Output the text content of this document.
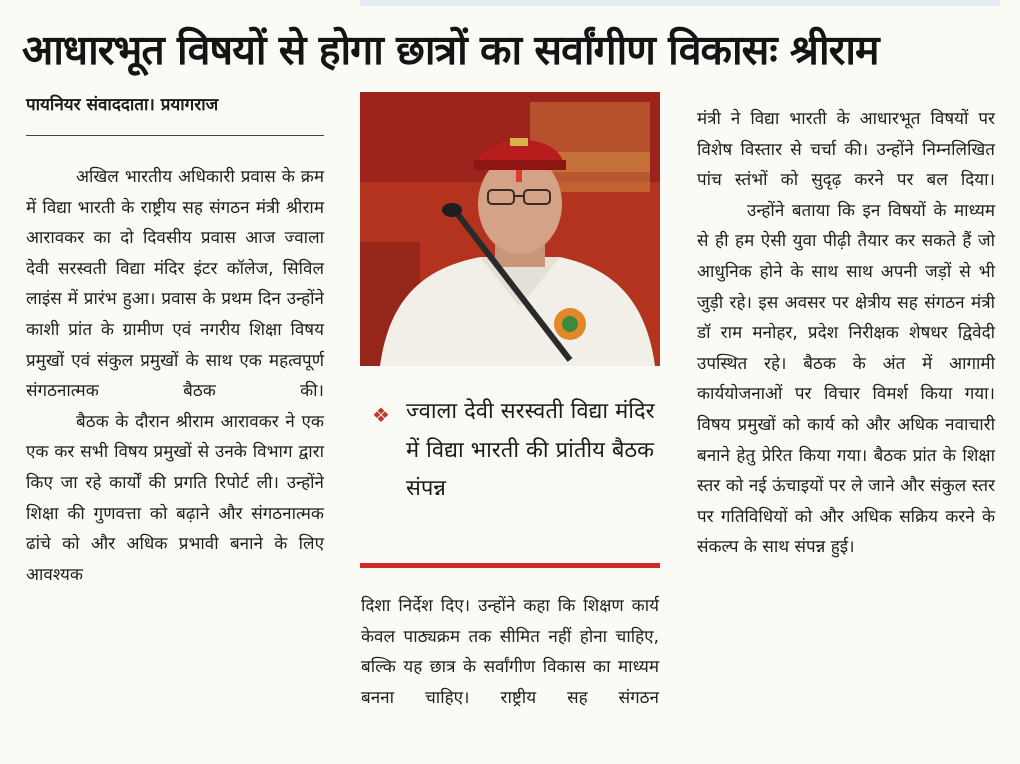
आधारभूत विषयों से होगा छात्रों का सर्वांगीण विकासः श्रीराम
पायनियर संवाददाता। प्रयागराज

अखिल भारतीय अधिकारी प्रवास के क्रम में विद्या भारती के राष्ट्रीय सह संगठन मंत्री श्रीराम आरावकर का दो दिवसीय प्रवास आज ज्वाला देवी सरस्वती विद्या मंदिर इंटर कॉलेज, सिविल लाइंस में प्रारंभ हुआ। प्रवास के प्रथम दिन उन्होंने काशी प्रांत के ग्रामीण एवं नगरीय शिक्षा विषय प्रमुखों एवं संकुल प्रमुखों के साथ एक महत्वपूर्ण संगठनात्मक बैठक की।

बैठक के दौरान श्रीराम आरावकर ने एक एक कर सभी विषय प्रमुखों से उनके विभाग द्वारा किए जा रहे कार्यों की प्रगति रिपोर्ट ली। उन्होंने शिक्षा की गुणवत्ता को बढ़ाने और संगठनात्मक ढांचे को और अधिक प्रभावी बनाने के लिए आवश्यक

❖ ज्वाला देवी सरस्वती विद्या मंदिर में विद्या भारती की प्रांतीय बैठक संपन्न

दिशा निर्देश दिए। उन्होंने कहा कि शिक्षण कार्य केवल पाठ्यक्रम तक सीमित नहीं होना चाहिए, बल्कि यह छात्र के सर्वांगीण विकास का माध्यम बनना चाहिए। राष्ट्रीय सह संगठन

मंत्री ने विद्या भारती के आधारभूत विषयों पर विशेष विस्तार से चर्चा की। उन्होंने निम्नलिखित पांच स्तंभों को सुदृढ़ करने पर बल दिया।

उन्होंने बताया कि इन विषयों के माध्यम से ही हम ऐसी युवा पीढ़ी तैयार कर सकते हैं जो आधुनिक होने के साथ साथ अपनी जड़ों से भी जुड़ी रहे। इस अवसर पर क्षेत्रीय सह संगठन मंत्री डॉ राम मनोहर, प्रदेश निरीक्षक शेषधर द्विवेदी उपस्थित रहे। बैठक के अंत में आगामी कार्ययोजनाओं पर विचार विमर्श किया गया। विषय प्रमुखों को कार्य को और अधिक नवाचारी बनाने हेतु प्रेरित किया गया। बैठक प्रांत के शिक्षा स्तर को नई ऊंचाइयों पर ले जाने और संकुल स्तर पर गतिविधियों को और अधिक सक्रिय करने के संकल्प के साथ संपन्न हुई।
